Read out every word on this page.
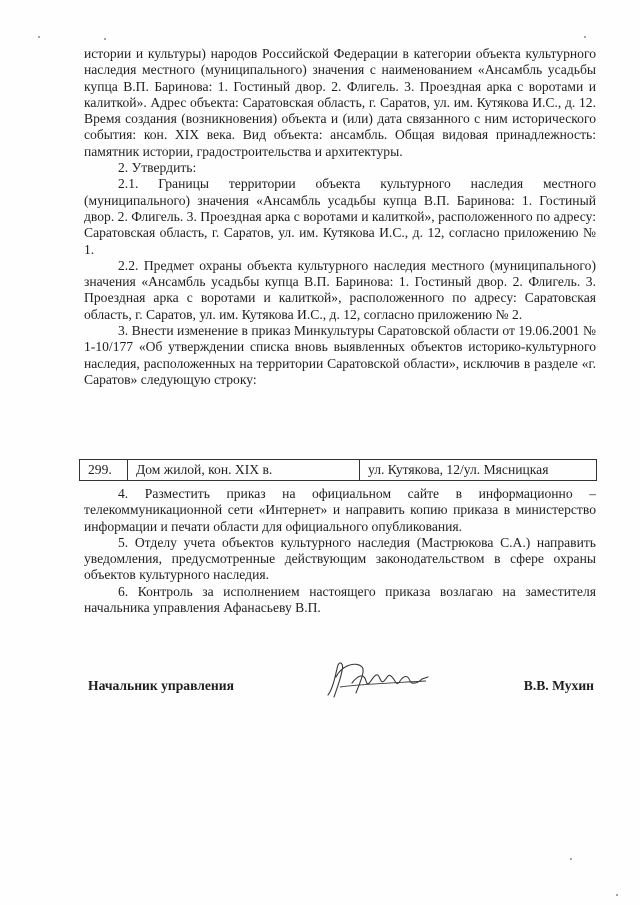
истории и культуры) народов Российской Федерации в категории объекта культурного наследия местного (муниципального) значения с наименованием «Ансамбль усадьбы купца В.П. Баринова: 1. Гостиный двор. 2. Флигель. 3. Проездная арка с воротами и калиткой». Адрес объекта: Саратовская область, г. Саратов, ул. им. Кутякова И.С., д. 12. Время создания (возникновения) объекта и (или) дата связанного с ним исторического события: кон. XIX века. Вид объекта: ансамбль. Общая видовая принадлежность: памятник истории, градостроительства и архитектуры.

2. Утвердить:

2.1. Границы территории объекта культурного наследия местного (муниципального) значения «Ансамбль усадьбы купца В.П. Баринова: 1. Гостиный двор. 2. Флигель. 3. Проездная арка с воротами и калиткой», расположенного по адресу: Саратовская область, г. Саратов, ул. им. Кутякова И.С., д. 12, согласно приложению № 1.

2.2. Предмет охраны объекта культурного наследия местного (муниципального) значения «Ансамбль усадьбы купца В.П. Баринова: 1. Гостиный двор. 2. Флигель. 3. Проездная арка с воротами и калиткой», расположенного по адресу: Саратовская область, г. Саратов, ул. им. Кутякова И.С., д. 12, согласно приложению № 2.

3. Внести изменение в приказ Минкультуры Саратовской области от 19.06.2001 № 1-10/177 «Об утверждении списка вновь выявленных объектов историко-культурного наследия, расположенных на территории Саратовской области», исключив в разделе «г. Саратов» следующую строку:

299.	Дом жилой, кон. XIX в.	ул. Кутякова, 12/ул. Мясницкая

4. Разместить приказ на официальном сайте в информационно – телекоммуникационной сети «Интернет» и направить копию приказа в министерство информации и печати области для официального опубликования.

5. Отделу учета объектов культурного наследия (Мастрюкова С.А.) направить уведомления, предусмотренные действующим законодательством в сфере охраны объектов культурного наследия.

6. Контроль за исполнением настоящего приказа возлагаю на заместителя начальника управления Афанасьеву В.П.

Начальник управления	В.В. Мухин
